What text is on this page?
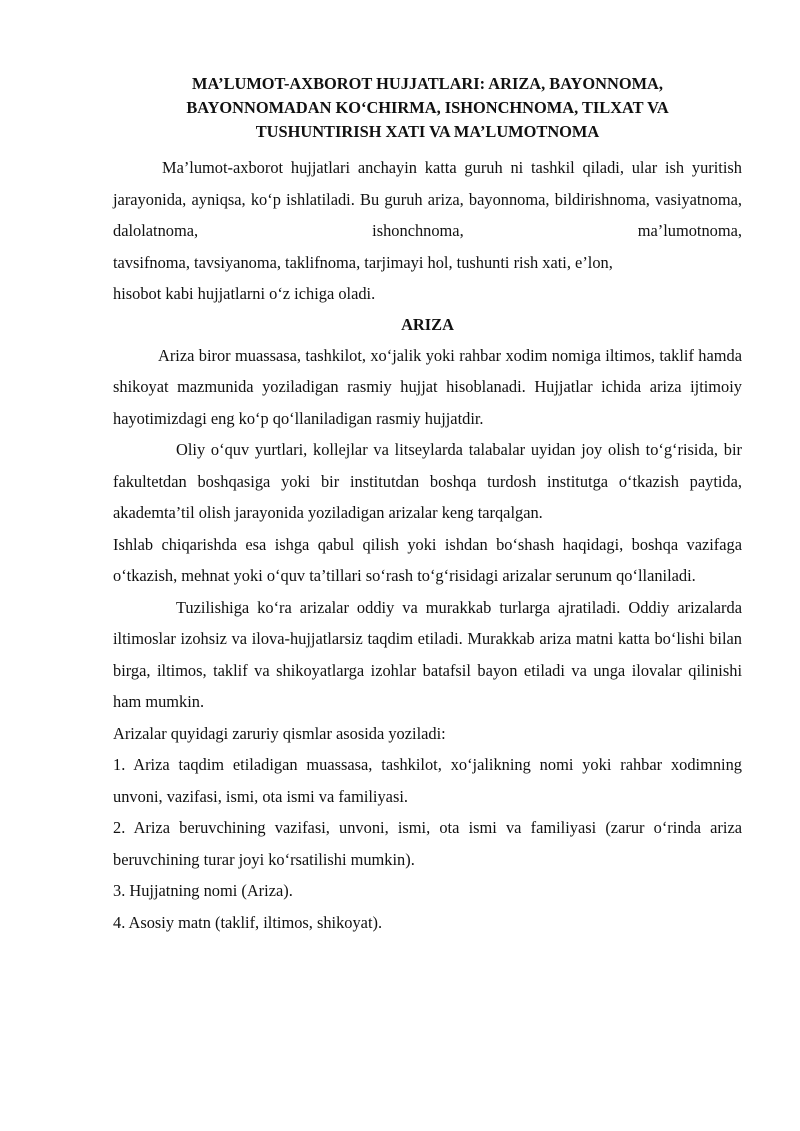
MA’LUMOT-AXBOROT HUJJATLARI: ARIZA, BAYONNOMA,
BAYONNOMADAN KO‘CHIRMA, ISHONCHNOMA, TILXAT VA
TUSHUNTIRISH XATI VA MA’LUMOTNOMA

Ma’lumot-axborot hujjatlari anchayin katta guruh ni tashkil qiladi, ular ish yuritish jarayonida, ayniqsa, ko‘p ishlatiladi. Bu guruh ariza, bayonnoma, bildirishnoma, vasiyatnoma, dalolatnoma, ishonchnoma, ma’lumotnoma,

tavsifnoma, tavsiyanoma, taklifnoma, tarjimayi hol, tushunti rish xati, e’lon,

hisobot kabi hujjatlarni o‘z ichiga oladi.

ARIZA

Ariza biror muassasa, tashkilot, xo‘jalik yoki rahbar xodim nomiga iltimos, taklif hamda shikoyat mazmunida yoziladigan rasmiy hujjat hisoblanadi. Hujjatlar ichida ariza ijtimoiy hayotimizdagi eng ko‘p qo‘llaniladigan rasmiy hujjatdir.

Oliy o‘quv yurtlari, kollejlar va litseylarda talabalar uyidan joy olish to‘g‘risida, bir fakultetdan boshqasiga yoki bir institutdan boshqa turdosh institutga o‘tkazish paytida, akademta’til olish jarayonida yoziladigan arizalar keng tarqalgan.

Ishlab chiqarishda esa ishga qabul qilish yoki ishdan bo‘shash haqidagi, boshqa vazifaga o‘tkazish, mehnat yoki o‘quv ta’tillari so‘rash to‘g‘risidagi arizalar serunum qo‘llaniladi.

Tuzilishiga ko‘ra arizalar oddiy va murakkab turlarga ajratiladi. Oddiy arizalarda iltimoslar izohsiz va ilova-hujjatlarsiz taqdim etiladi. Murakkab ariza matni katta bo‘lishi bilan birga, iltimos, taklif va shikoyatlarga izohlar batafsil bayon etiladi va unga ilovalar qilinishi ham mumkin.

Arizalar quyidagi zaruriy qismlar asosida yoziladi:

1. Ariza taqdim etiladigan muassasa, tashkilot, xo‘jalikning nomi yoki rahbar xodimning unvoni, vazifasi, ismi, ota ismi va familiyasi.

2. Ariza beruvchining vazifasi, unvoni, ismi, ota ismi va familiyasi (zarur o‘rinda ariza beruvchining turar joyi ko‘rsatilishi mumkin).

3. Hujjatning nomi (Ariza).

4. Asosiy matn (taklif, iltimos, shikoyat).
